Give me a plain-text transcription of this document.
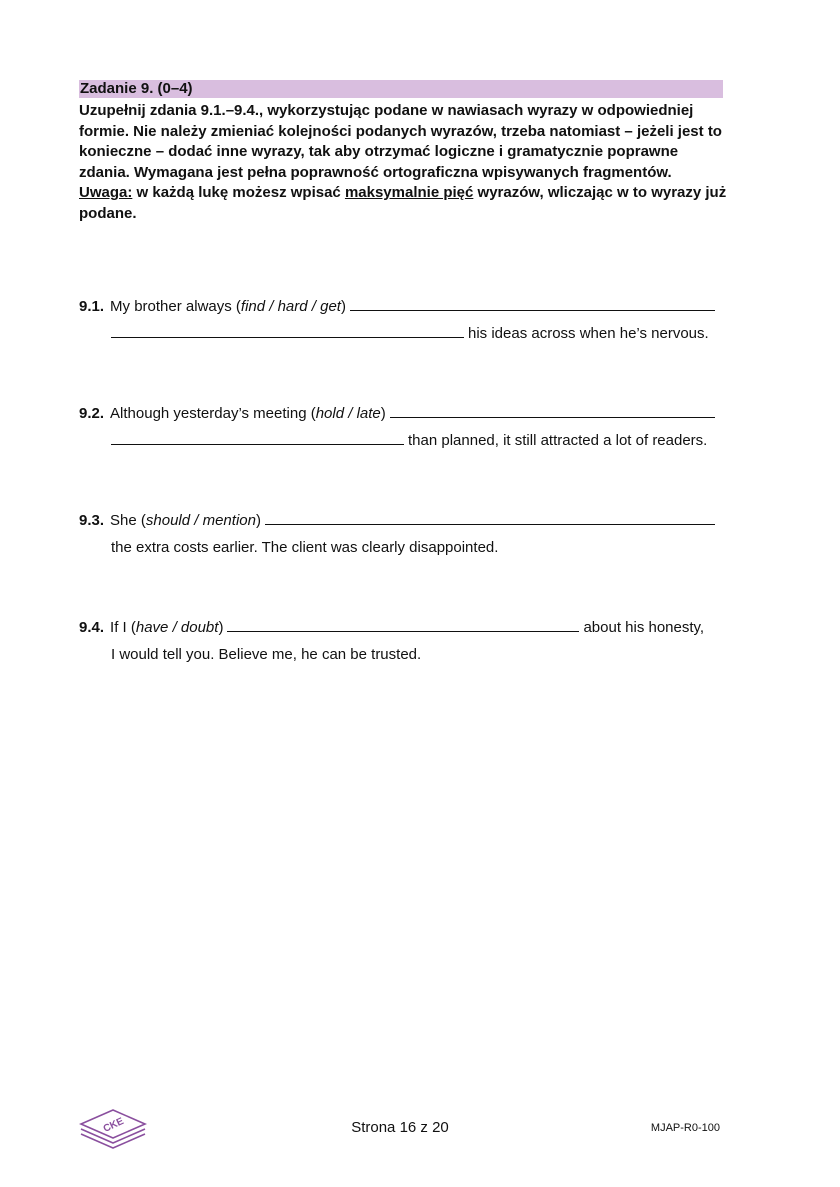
Zadanie 9. (0–4)
Uzupełnij zdania 9.1.–9.4., wykorzystując podane w nawiasach wyrazy w odpowiedniej formie. Nie należy zmieniać kolejności podanych wyrazów, trzeba natomiast – jeżeli jest to konieczne – dodać inne wyrazy, tak aby otrzymać logiczne i gramatycznie poprawne zdania. Wymagana jest pełna poprawność ortograficzna wpisywanych fragmentów.
Uwaga: w każdą lukę możesz wpisać maksymalnie pięć wyrazów, wliczając w to wyrazy już podane.
9.1. My brother always ( find / hard / get )
his ideas across when he’s nervous.
9.2. Although yesterday’s meeting ( hold / late )
than planned, it still attracted a lot of readers.
9.3. She ( should / mention )
the extra costs earlier. The client was clearly disappointed.
9.4. If I ( have / doubt )	about his honesty,
I would tell you. Believe me, he can be trusted.
CKE	Strona 16 z 20	MJAP-R0-100
